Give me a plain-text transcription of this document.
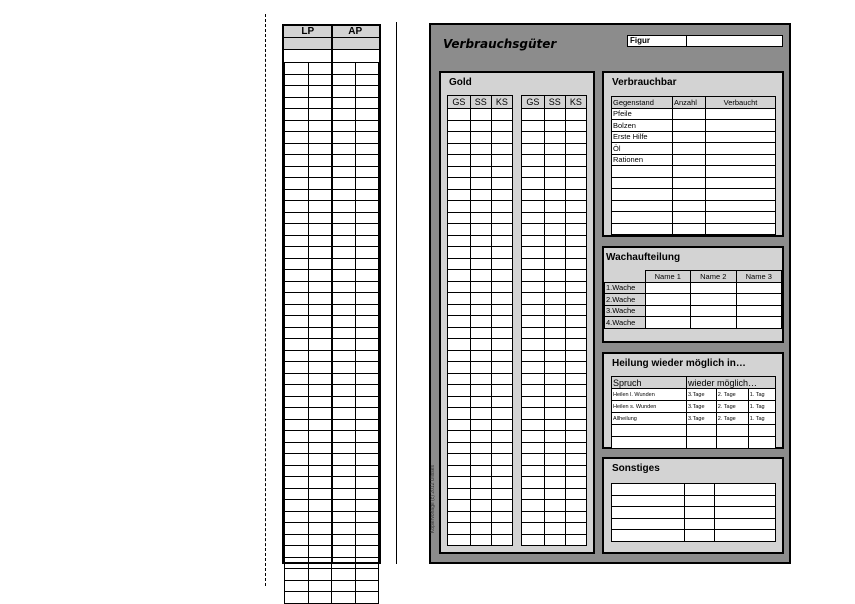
LP	AP

Verbrauchsgüter	Figur
Kopiervorlage (c) 2012 Ulisses
Gold
GS	SS	KS

		GS	SS	KS

Verbrauchbar
Gegenstand	Anzahl	Verbaucht
Pfeile		
Bolzen		
Erste Hilfe		
Öl		
Rationen		

Wachaufteilung
	Name 1	Name 2	Name 3
1.Wache			
2.Wache			
3.Wache			
4.Wache			
Heilung wieder möglich in…
Spruch	wieder möglich…		
Heilen l. Wunden	3.Tage	2. Tage	1. Tag
Heilen s. Wunden	3.Tage	2. Tage	1. Tag
Allheilung	3.Tage	2. Tage	1. Tag

Sonstiges
